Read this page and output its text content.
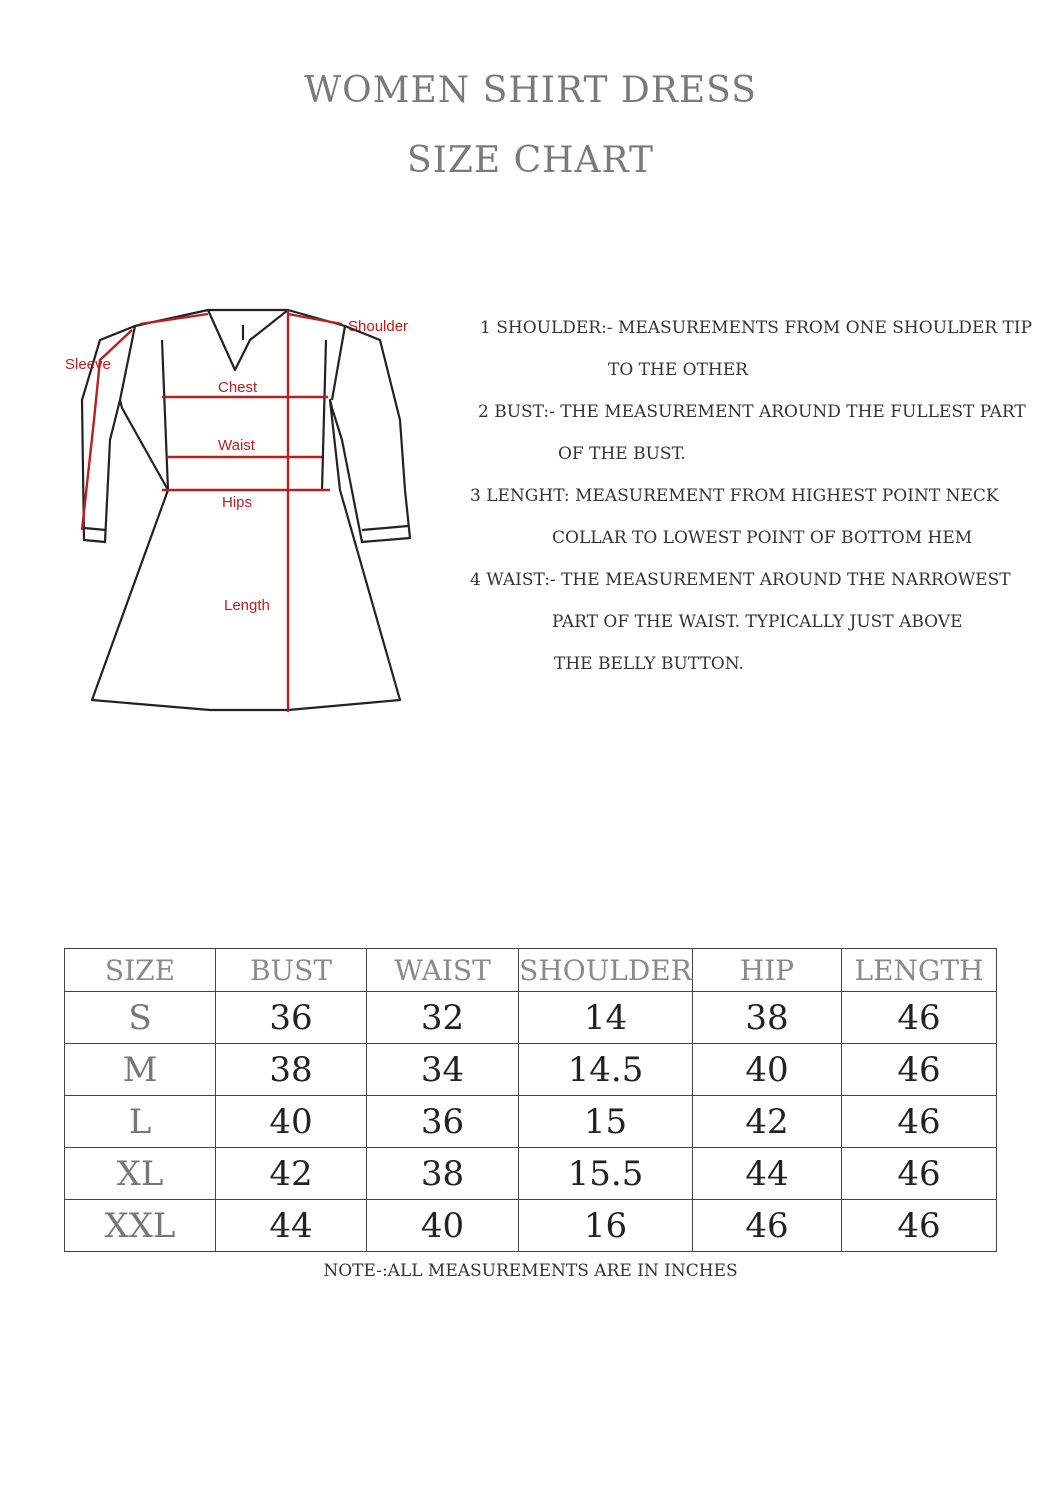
WOMEN SHIRT DRESS
SIZE CHART
Sleeve
Shoulder
Chest
Waist
Hips
Length
1 SHOULDER:- MEASUREMENTS FROM ONE SHOULDER TIP
TO THE OTHER
2 BUST:- THE MEASUREMENT AROUND THE FULLEST PART
OF THE BUST.
3 LENGHT: MEASUREMENT FROM HIGHEST POINT NECK
COLLAR TO LOWEST POINT OF BOTTOM HEM
4 WAIST:- THE MEASUREMENT AROUND THE NARROWEST
PART OF THE WAIST. TYPICALLY JUST ABOVE
THE BELLY BUTTON.
SIZE	BUST	WAIST	SHOULDER	HIP	LENGTH
S	36	32	14	38	46
M	38	34	14.5	40	46
L	40	36	15	42	46
XL	42	38	15.5	44	46
XXL	44	40	16	46	46
NOTE-:ALL MEASUREMENTS ARE IN INCHES
